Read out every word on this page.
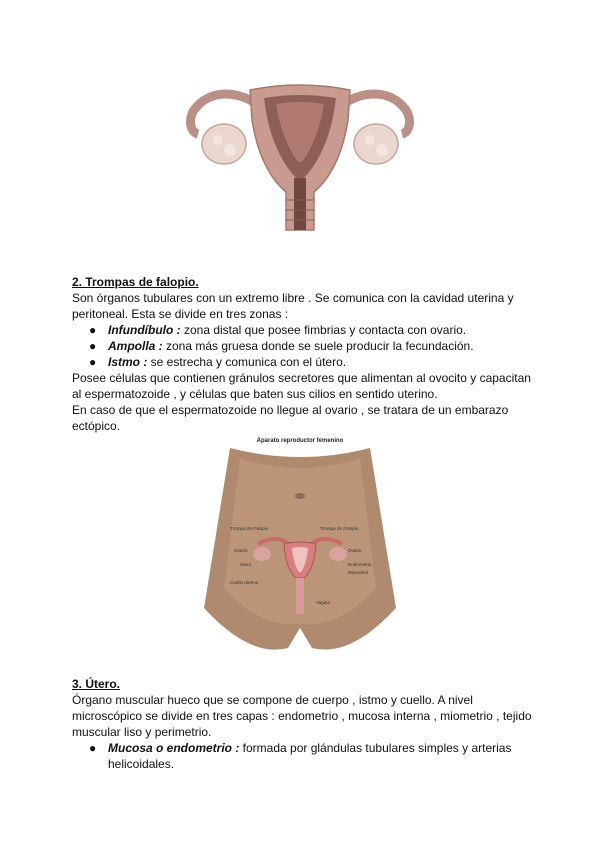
2. Trompas de falopio.
Son órganos tubulares con un extremo libre . Se comunica con la cavidad uterina y peritoneal. Esta se divide en tres zonas :
● Infundíbulo : zona distal que posee fimbrias y contacta con ovario.
● Ampolla : zona más gruesa donde se suele producir la fecundación.
● Istmo : se estrecha y comunica con el útero.
Posee células que contienen gránulos secretores que alimentan al ovocito y capacitan al espermatozoide , y células que baten sus cilios en sentido uterino.
En caso de que el espermatozoide no llegue al ovario , se tratara de un embarazo ectópico.
Aparato reproductor femenino
Trompa de Falopio	Trompa de Falopio
Ovario	Ovario
Útero	Endometrio
Miometrio
Cuello uterino
Vagina
3. Útero.
Órgano muscular hueco que se compone de cuerpo , istmo y cuello. A nivel microscópico se divide en tres capas : endometrio , mucosa interna , miometrio , tejido muscular liso y perimetrio.
● Mucosa o endometrio : formada por glándulas tubulares simples y arterias helicoidales.
